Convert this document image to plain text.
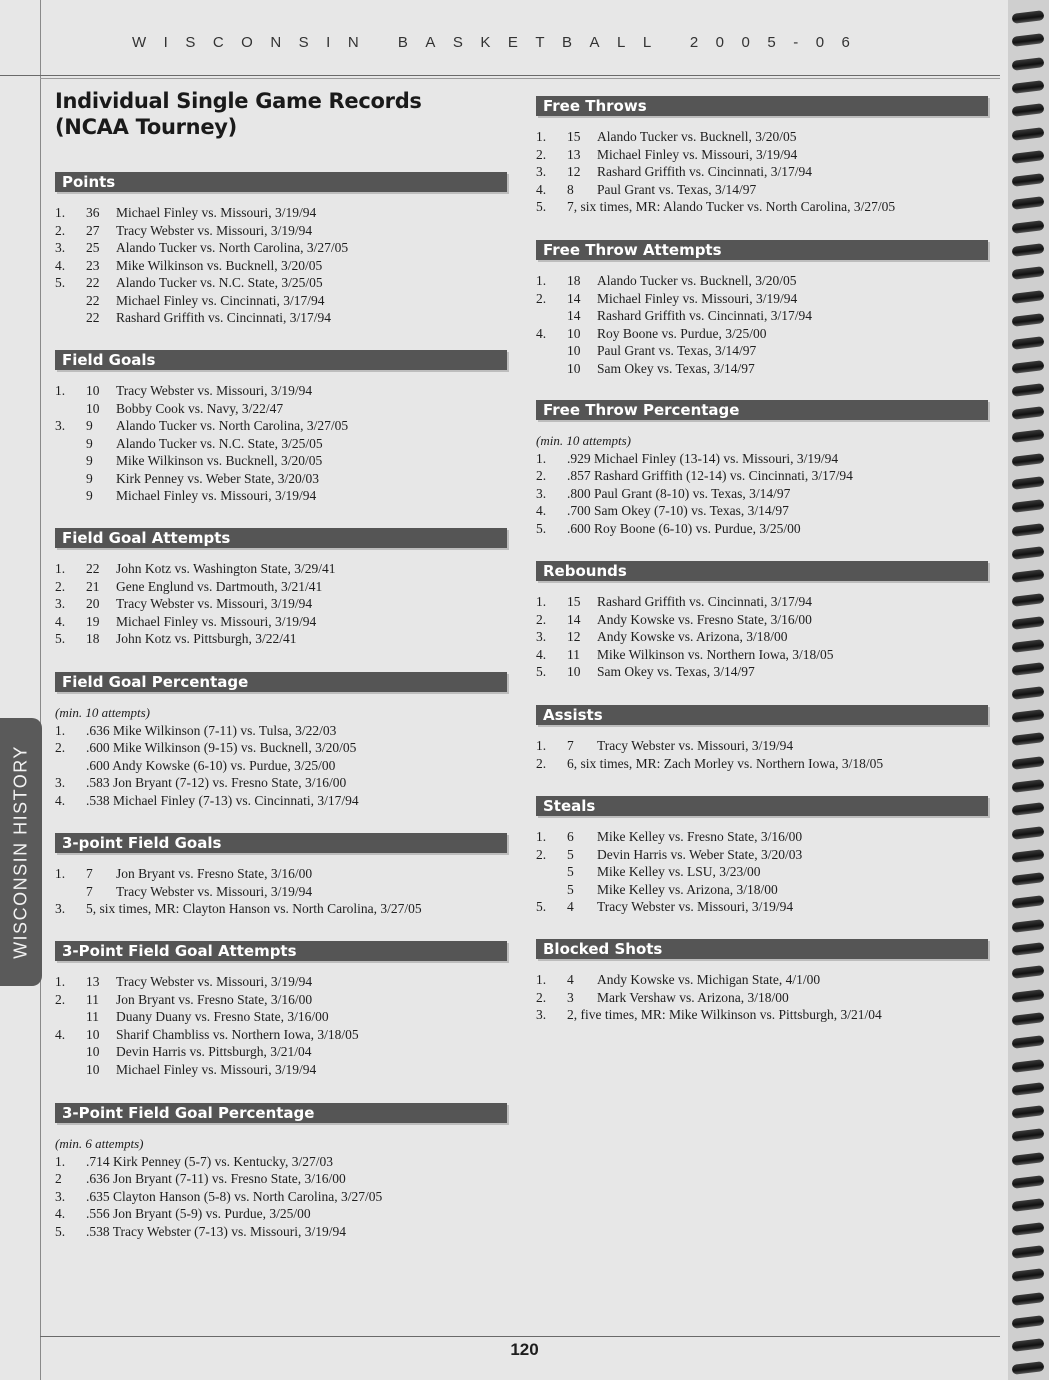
WISCONSIN BASKETBALL 2005-06
WISCONSIN HISTORY
Individual Single Game Records
(NCAA Tourney)
Points
1. 36 Michael Finley vs. Missouri, 3/19/94
2. 27 Tracy Webster vs. Missouri, 3/19/94
3. 25 Alando Tucker vs. North Carolina, 3/27/05
4. 23 Mike Wilkinson vs. Bucknell, 3/20/05
5. 22 Alando Tucker vs. N.C. State, 3/25/05
22 Michael Finley vs. Cincinnati, 3/17/94
22 Rashard Griffith vs. Cincinnati, 3/17/94
Field Goals
1. 10 Tracy Webster vs. Missouri, 3/19/94
10 Bobby Cook vs. Navy, 3/22/47
3. 9 Alando Tucker vs. North Carolina, 3/27/05
9 Alando Tucker vs. N.C. State, 3/25/05
9 Mike Wilkinson vs. Bucknell, 3/20/05
9 Kirk Penney vs. Weber State, 3/20/03
9 Michael Finley vs. Missouri, 3/19/94
Field Goal Attempts
1. 22 John Kotz vs. Washington State, 3/29/41
2. 21 Gene Englund vs. Dartmouth, 3/21/41
3. 20 Tracy Webster vs. Missouri, 3/19/94
4. 19 Michael Finley vs. Missouri, 3/19/94
5. 18 John Kotz vs. Pittsburgh, 3/22/41
Field Goal Percentage
(min. 10 attempts)
1. .636 Mike Wilkinson (7-11) vs. Tulsa, 3/22/03
2. .600 Mike Wilkinson (9-15) vs. Bucknell, 3/20/05
.600 Andy Kowske (6-10) vs. Purdue, 3/25/00
3. .583 Jon Bryant (7-12) vs. Fresno State, 3/16/00
4. .538 Michael Finley (7-13) vs. Cincinnati, 3/17/94
3-point Field Goals
1. 7 Jon Bryant vs. Fresno State, 3/16/00
7 Tracy Webster vs. Missouri, 3/19/94
3. 5, six times, MR: Clayton Hanson vs. North Carolina, 3/27/05
3-Point Field Goal Attempts
1. 13 Tracy Webster vs. Missouri, 3/19/94
2. 11 Jon Bryant vs. Fresno State, 3/16/00
11 Duany Duany vs. Fresno State, 3/16/00
4. 10 Sharif Chambliss vs. Northern Iowa, 3/18/05
10 Devin Harris vs. Pittsburgh, 3/21/04
10 Michael Finley vs. Missouri, 3/19/94
3-Point Field Goal Percentage
(min. 6 attempts)
1. .714 Kirk Penney (5-7) vs. Kentucky, 3/27/03
2 .636 Jon Bryant (7-11) vs. Fresno State, 3/16/00
3. .635 Clayton Hanson (5-8) vs. North Carolina, 3/27/05
4. .556 Jon Bryant (5-9) vs. Purdue, 3/25/00
5. .538 Tracy Webster (7-13) vs. Missouri, 3/19/94
Free Throws
1. 15 Alando Tucker vs. Bucknell, 3/20/05
2. 13 Michael Finley vs. Missouri, 3/19/94
3. 12 Rashard Griffith vs. Cincinnati, 3/17/94
4. 8 Paul Grant vs. Texas, 3/14/97
5. 7, six times, MR: Alando Tucker vs. North Carolina, 3/27/05
Free Throw Attempts
1. 18 Alando Tucker vs. Bucknell, 3/20/05
2. 14 Michael Finley vs. Missouri, 3/19/94
14 Rashard Griffith vs. Cincinnati, 3/17/94
4. 10 Roy Boone vs. Purdue, 3/25/00
10 Paul Grant vs. Texas, 3/14/97
10 Sam Okey vs. Texas, 3/14/97
Free Throw Percentage
(min. 10 attempts)
1. .929 Michael Finley (13-14) vs. Missouri, 3/19/94
2. .857 Rashard Griffith (12-14) vs. Cincinnati, 3/17/94
3. .800 Paul Grant (8-10) vs. Texas, 3/14/97
4. .700 Sam Okey (7-10) vs. Texas, 3/14/97
5. .600 Roy Boone (6-10) vs. Purdue, 3/25/00
Rebounds
1. 15 Rashard Griffith vs. Cincinnati, 3/17/94
2. 14 Andy Kowske vs. Fresno State, 3/16/00
3. 12 Andy Kowske vs. Arizona, 3/18/00
4. 11 Mike Wilkinson vs. Northern Iowa, 3/18/05
5. 10 Sam Okey vs. Texas, 3/14/97
Assists
1. 7 Tracy Webster vs. Missouri, 3/19/94
2. 6, six times, MR: Zach Morley vs. Northern Iowa, 3/18/05
Steals
1. 6 Mike Kelley vs. Fresno State, 3/16/00
2. 5 Devin Harris vs. Weber State, 3/20/03
5 Mike Kelley vs. LSU, 3/23/00
5 Mike Kelley vs. Arizona, 3/18/00
5. 4 Tracy Webster vs. Missouri, 3/19/94
Blocked Shots
1. 4 Andy Kowske vs. Michigan State, 4/1/00
2. 3 Mark Vershaw vs. Arizona, 3/18/00
3. 2, five times, MR: Mike Wilkinson vs. Pittsburgh, 3/21/04
120
